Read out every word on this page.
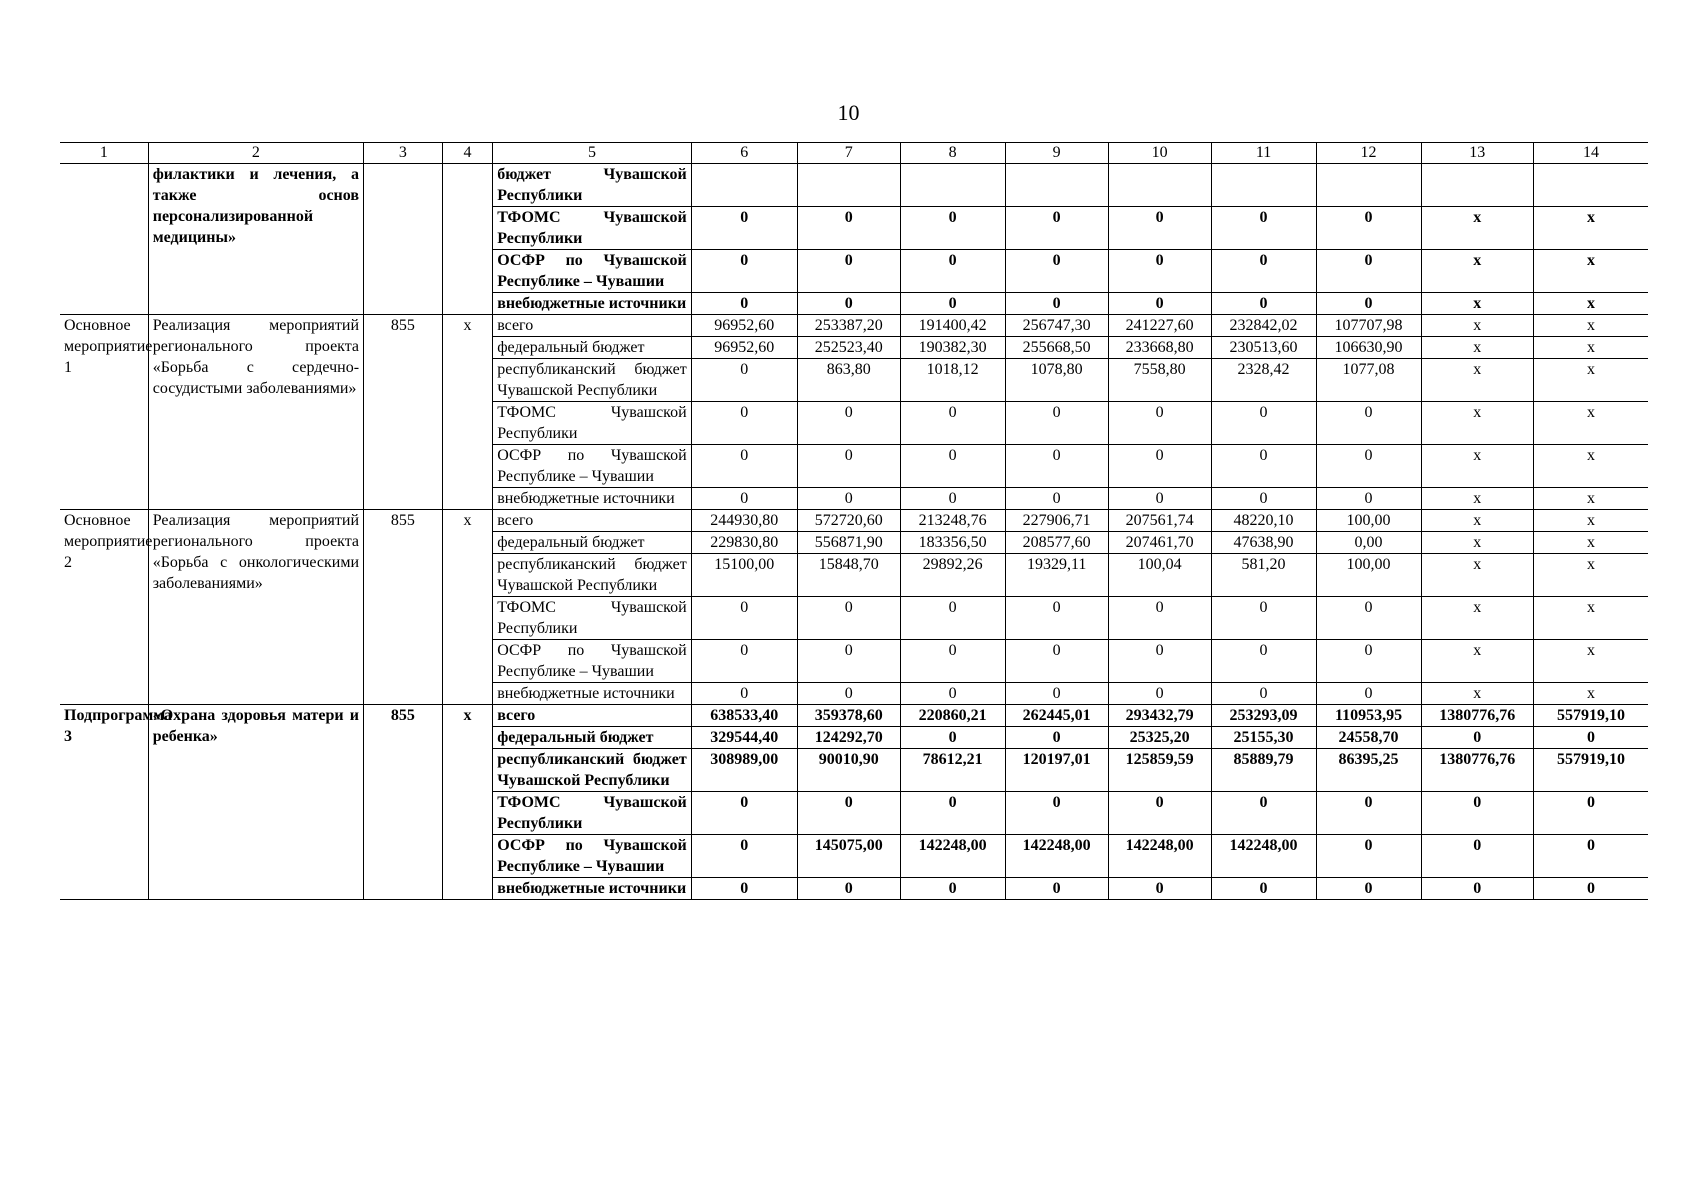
10
1	2	3	4	5	6	7	8	9	10	11	12	13	14
	филактики и лечения, а также основ персонализированной медицины»			бюджет Чувашской Республики									
				ТФОМС Чувашской Республики	0	0	0	0	0	0	0	х	х
				ОСФР по Чувашской Республике – Чувашии	0	0	0	0	0	0	0	х	х
				внебюджетные источники	0	0	0	0	0	0	0	х	х
Основное мероприятие 1	Реализация мероприятий регионального проекта «Борьба с сердечно-сосудистыми заболеваниями»	855	х	всего	96952,60	253387,20	191400,42	256747,30	241227,60	232842,02	107707,98	х	х
				федеральный бюджет	96952,60	252523,40	190382,30	255668,50	233668,80	230513,60	106630,90	х	х
				республиканский бюджет Чувашской Республики	0	863,80	1018,12	1078,80	7558,80	2328,42	1077,08	х	х
				ТФОМС Чувашской Республики	0	0	0	0	0	0	0	х	х
				ОСФР по Чувашской Республике – Чувашии	0	0	0	0	0	0	0	х	х
				внебюджетные источники	0	0	0	0	0	0	0	х	х
Основное мероприятие 2	Реализация мероприятий регионального проекта «Борьба с онкологическими заболеваниями»	855	х	всего	244930,80	572720,60	213248,76	227906,71	207561,74	48220,10	100,00	х	х
				федеральный бюджет	229830,80	556871,90	183356,50	208577,60	207461,70	47638,90	0,00	х	х
				республиканский бюджет Чувашской Республики	15100,00	15848,70	29892,26	19329,11	100,04	581,20	100,00	х	х
				ТФОМС Чувашской Республики	0	0	0	0	0	0	0	х	х
				ОСФР по Чувашской Республике – Чувашии	0	0	0	0	0	0	0	х	х
				внебюджетные источники	0	0	0	0	0	0	0	х	х
Подпрограмма 3	«Охрана здоровья матери и ребенка»	855	х	всего	638533,40	359378,60	220860,21	262445,01	293432,79	253293,09	110953,95	1380776,76	557919,10
				федеральный бюджет	329544,40	124292,70	0	0	25325,20	25155,30	24558,70	0	0
				республиканский бюджет Чувашской Республики	308989,00	90010,90	78612,21	120197,01	125859,59	85889,79	86395,25	1380776,76	557919,10
				ТФОМС Чувашской Республики	0	0	0	0	0	0	0	0	0
				ОСФР по Чувашской Республике – Чувашии	0	145075,00	142248,00	142248,00	142248,00	142248,00	0	0	0
				внебюджетные источники	0	0	0	0	0	0	0	0	0
